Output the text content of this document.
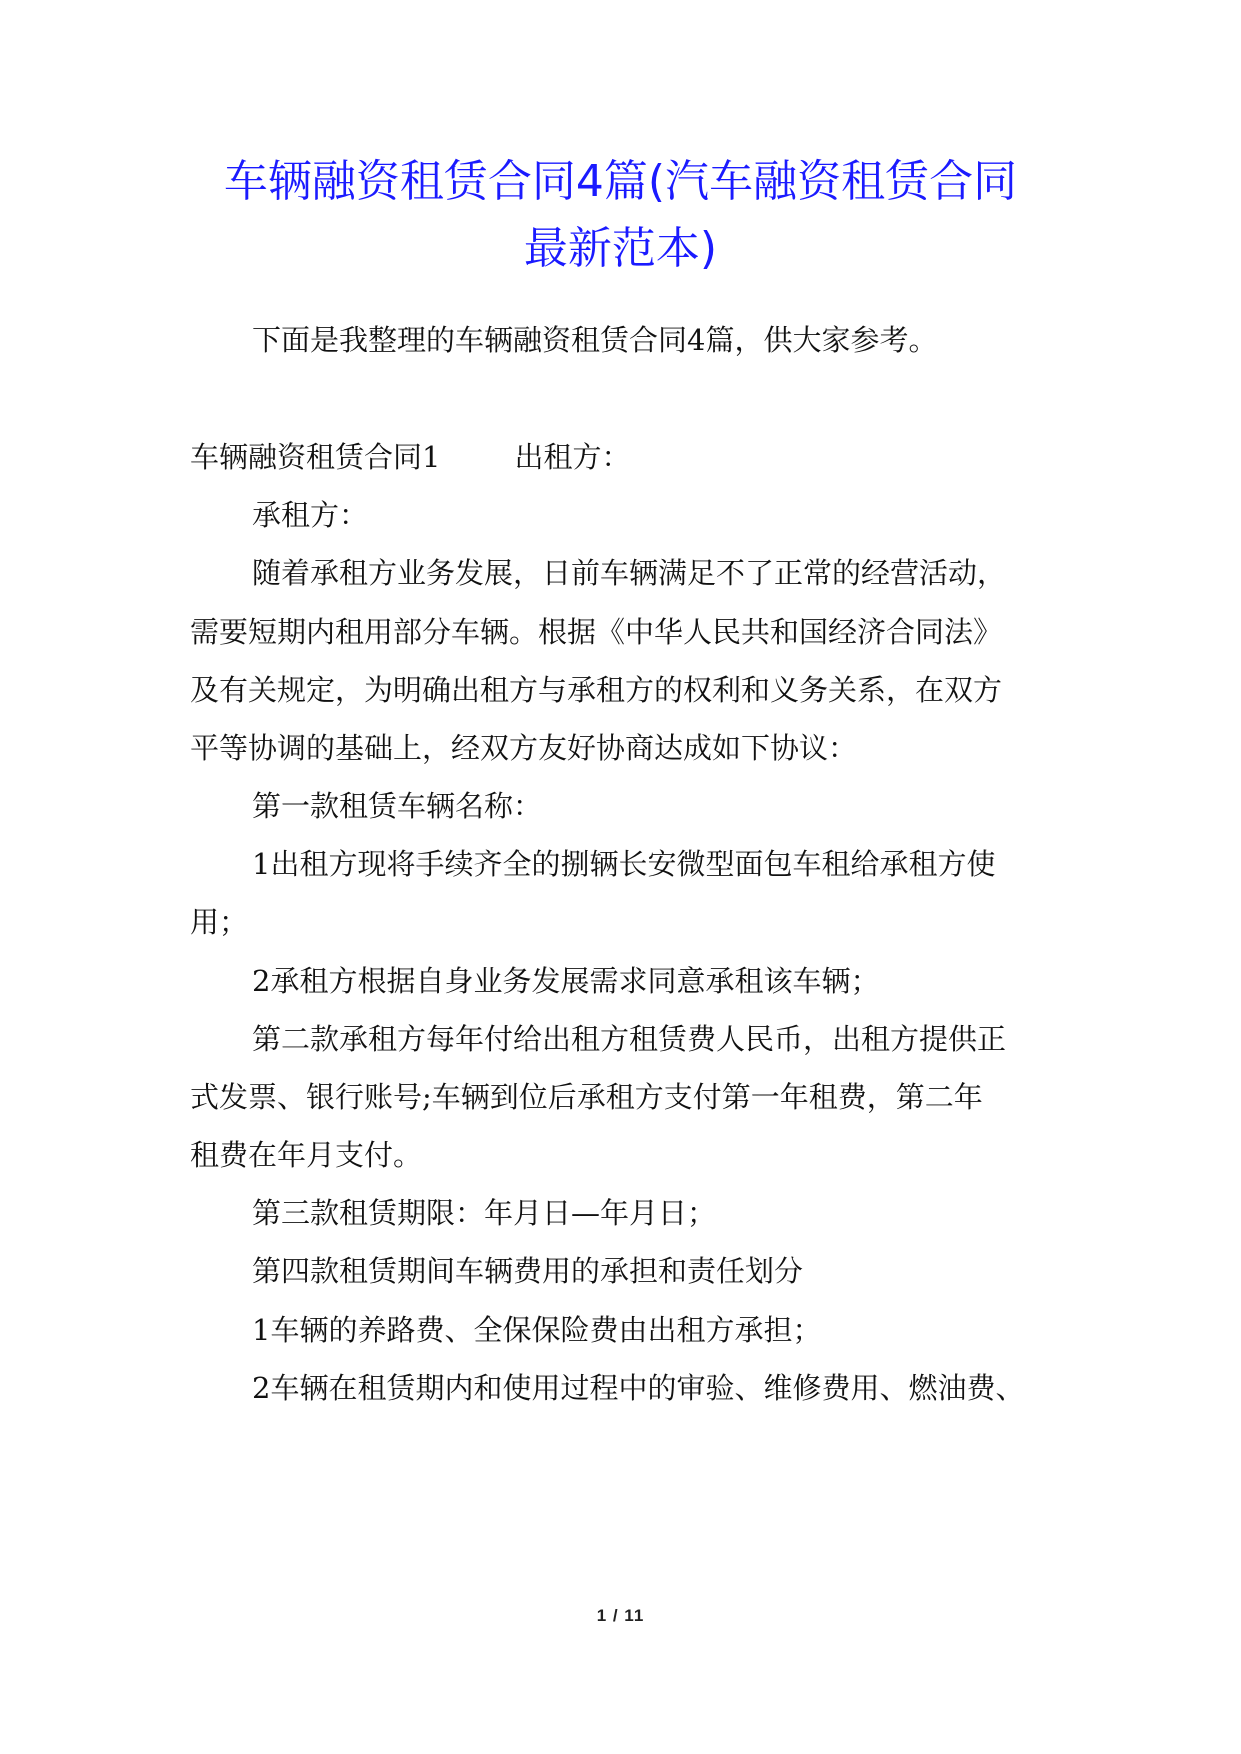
车辆融资租赁合同4篇(汽车融资租赁合同
最新范本)

下面是我整理的车辆融资租赁合同4篇，供大家参考。

车辆融资租赁合同1	出租方：

承租方：

随着承租方业务发展，日前车辆满足不了正常的经营活动，

需要短期内租用部分车辆。根据《中华人民共和国经济合同法》

及有关规定，为明确出租方与承租方的权利和义务关系，在双方

平等协调的基础上，经双方友好协商达成如下协议：

第一款租赁车辆名称：

1出租方现将手续齐全的捌辆长安微型面包车租给承租方使

用；

2承租方根据自身业务发展需求同意承租该车辆；

第二款承租方每年付给出租方租赁费人民币，出租方提供正

式发票、银行账号;车辆到位后承租方支付第一年租费，第二年

租费在年月支付。

第三款租赁期限：年月日—年月日；

第四款租赁期间车辆费用的承担和责任划分

1车辆的养路费、全保保险费由出租方承担；

2车辆在租赁期内和使用过程中的审验、维修费用、燃油费、

1 / 11
